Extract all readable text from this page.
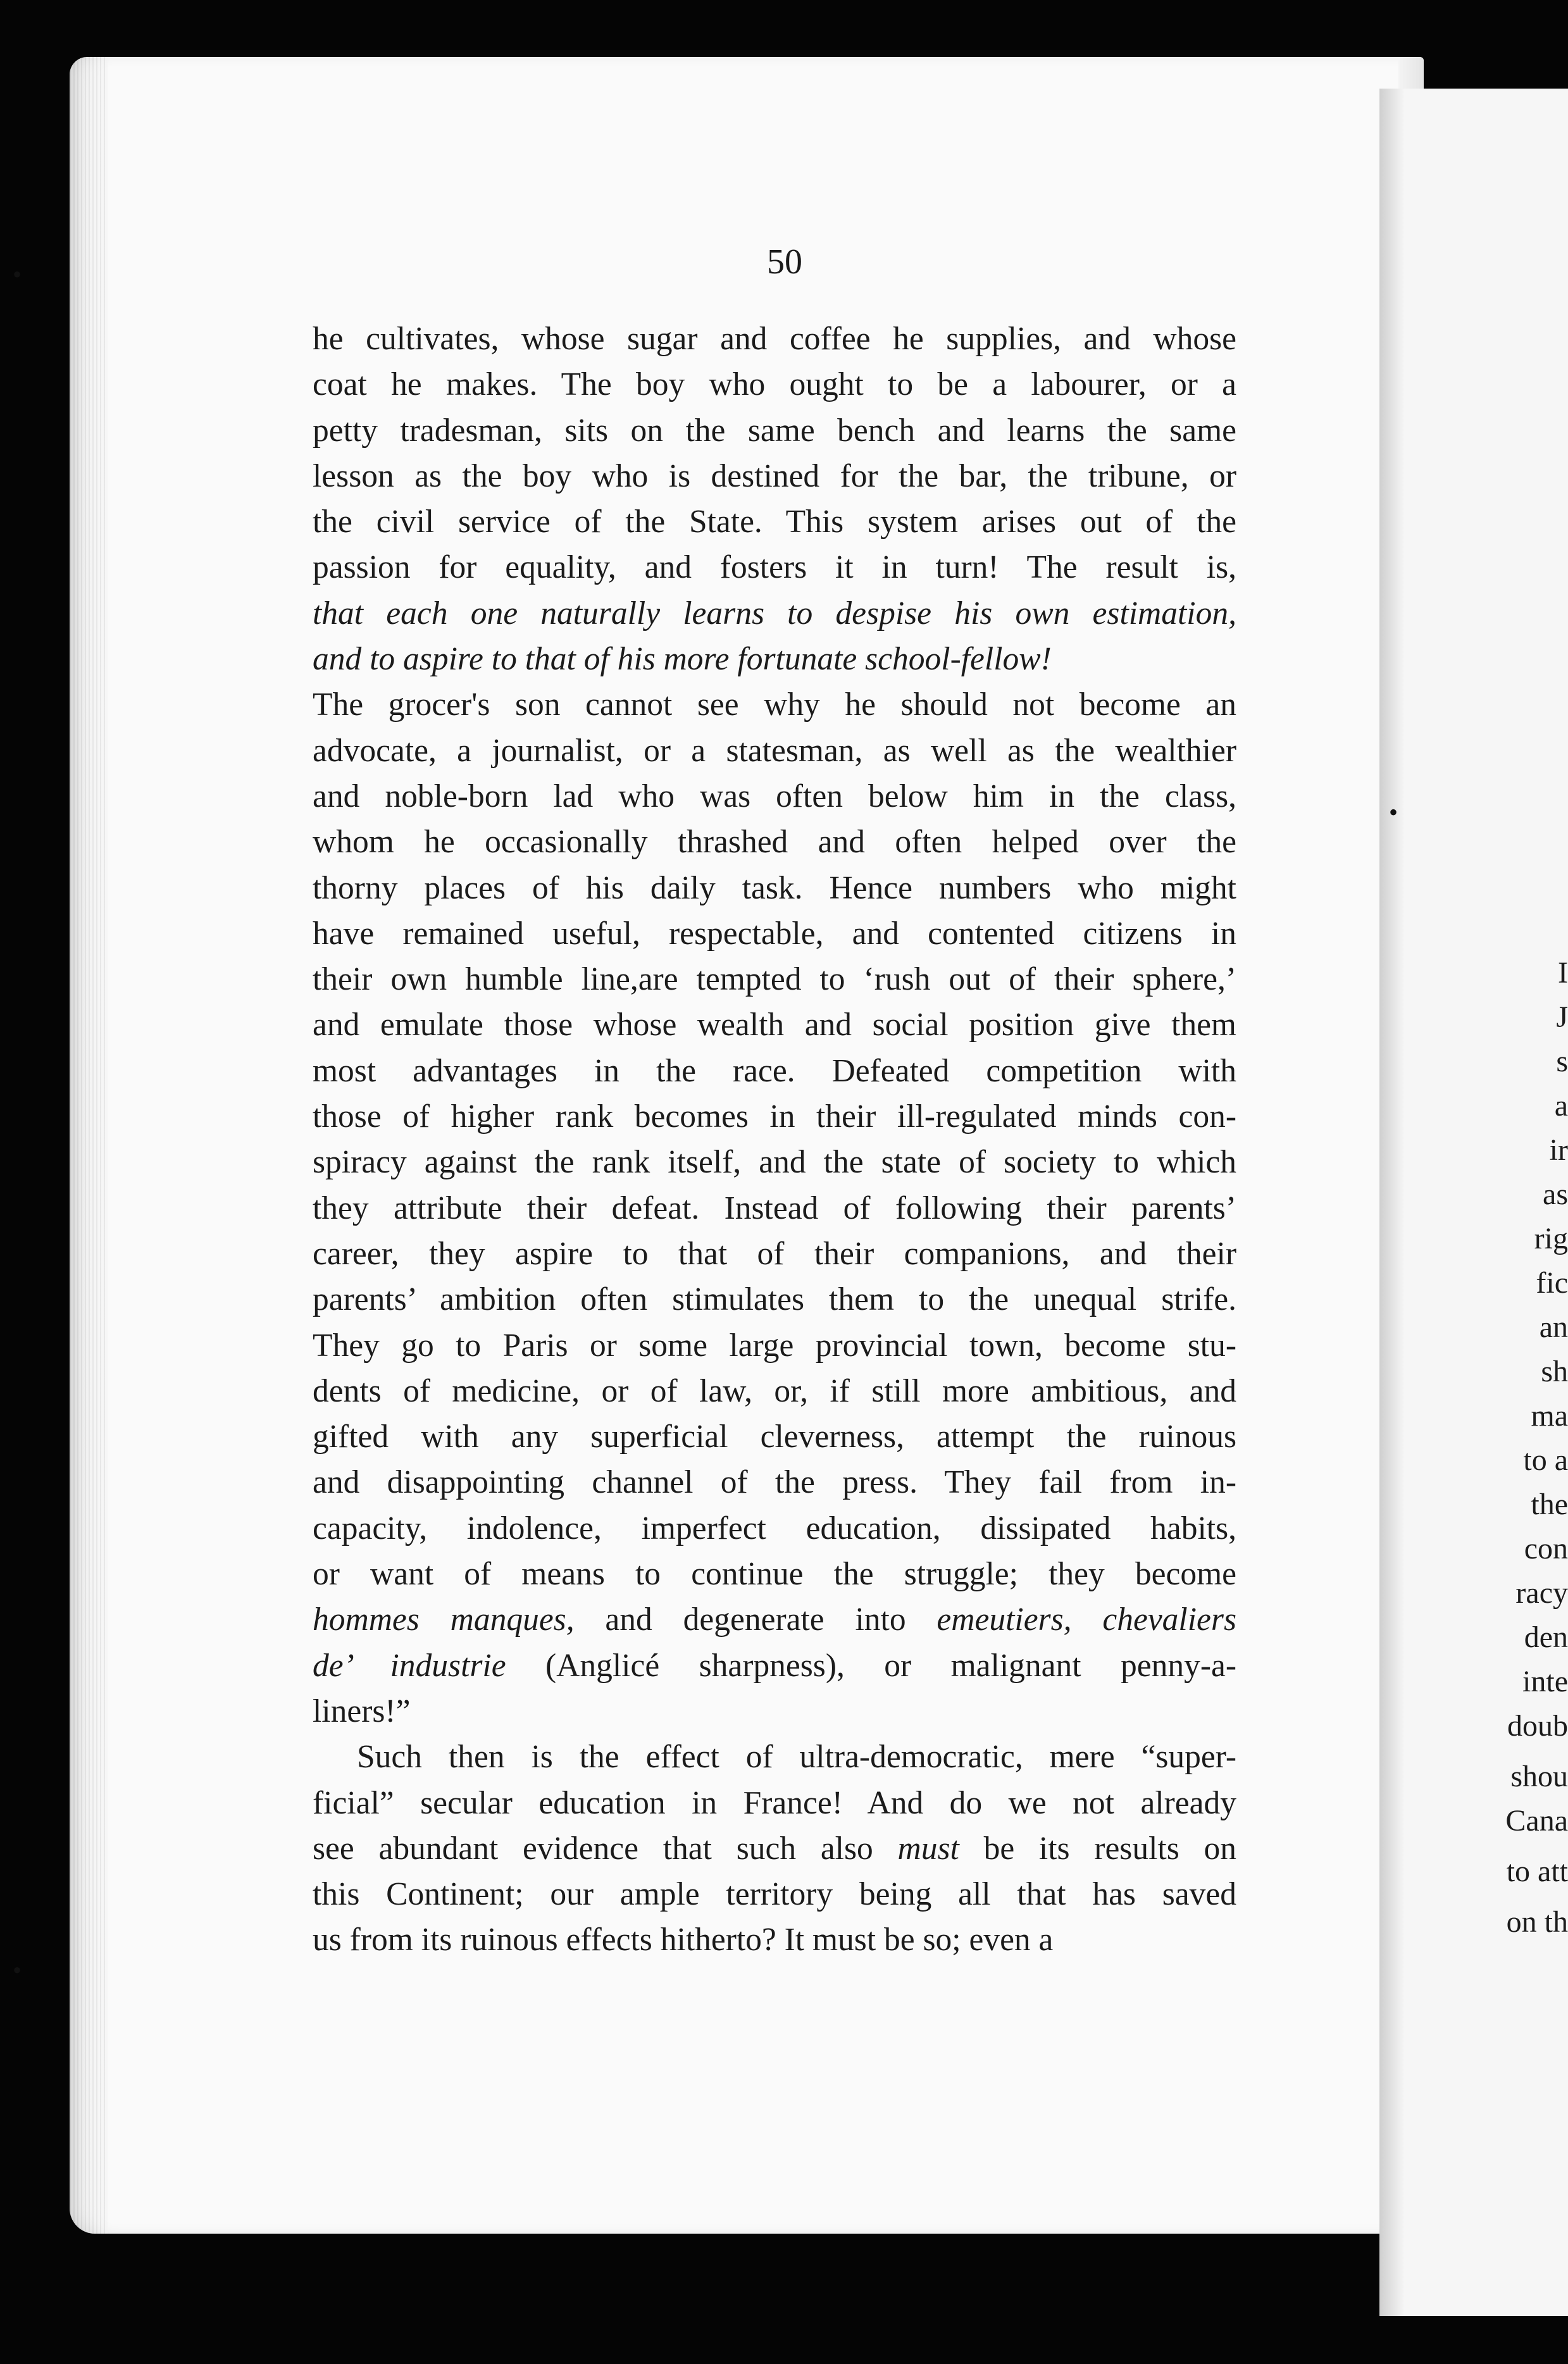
I
J
s
a
ir
as
rig
fic
an
sh
ma
to a
the
con
racy
den
inte
doub
shou
Cana
to att
on th
50
he cultivates, whose sugar and coffee he supplies, and whose
coat he makes. The boy who ought to be a labourer, or a
petty tradesman, sits on the same bench and learns the same
lesson as the boy who is destined for the bar, the tribune, or
the civil service of the State. This system arises out of the
passion for equality, and fosters it in turn! The result is,
that each one naturally learns to despise his own estimation,
and to aspire to that of his more fortunate school-fellow!
The grocer's son cannot see why he should not become an
advocate, a journalist, or a statesman, as well as the wealthier
and noble-born lad who was often below him in the class,
whom he occasionally thrashed and often helped over the
thorny places of his daily task. Hence numbers who might
have remained useful, respectable, and contented citizens in
their own humble line,are tempted to ‘rush out of their sphere,’
and emulate those whose wealth and social position give them
most advantages in the race. Defeated competition with
those of higher rank becomes in their ill-regulated minds con-
spiracy against the rank itself, and the state of society to which
they attribute their defeat. Instead of following their parents’
career, they aspire to that of their companions, and their
parents’ ambition often stimulates them to the unequal strife.
They go to Paris or some large provincial town, become stu-
dents of medicine, or of law, or, if still more ambitious, and
gifted with any superficial cleverness, attempt the ruinous
and disappointing channel of the press. They fail from in-
capacity, indolence, imperfect education, dissipated habits,
or want of means to continue the struggle; they become
hommes manques, and degenerate into emeutiers, chevaliers
de’ industrie (Anglicé sharpness), or malignant penny-a-
liners!”
Such then is the effect of ultra-democratic, mere “super-
ficial” secular education in France! And do we not already
see abundant evidence that such also must be its results on
this Continent; our ample territory being all that has saved
us from its ruinous effects hitherto? It must be so; even a
•
•
•
